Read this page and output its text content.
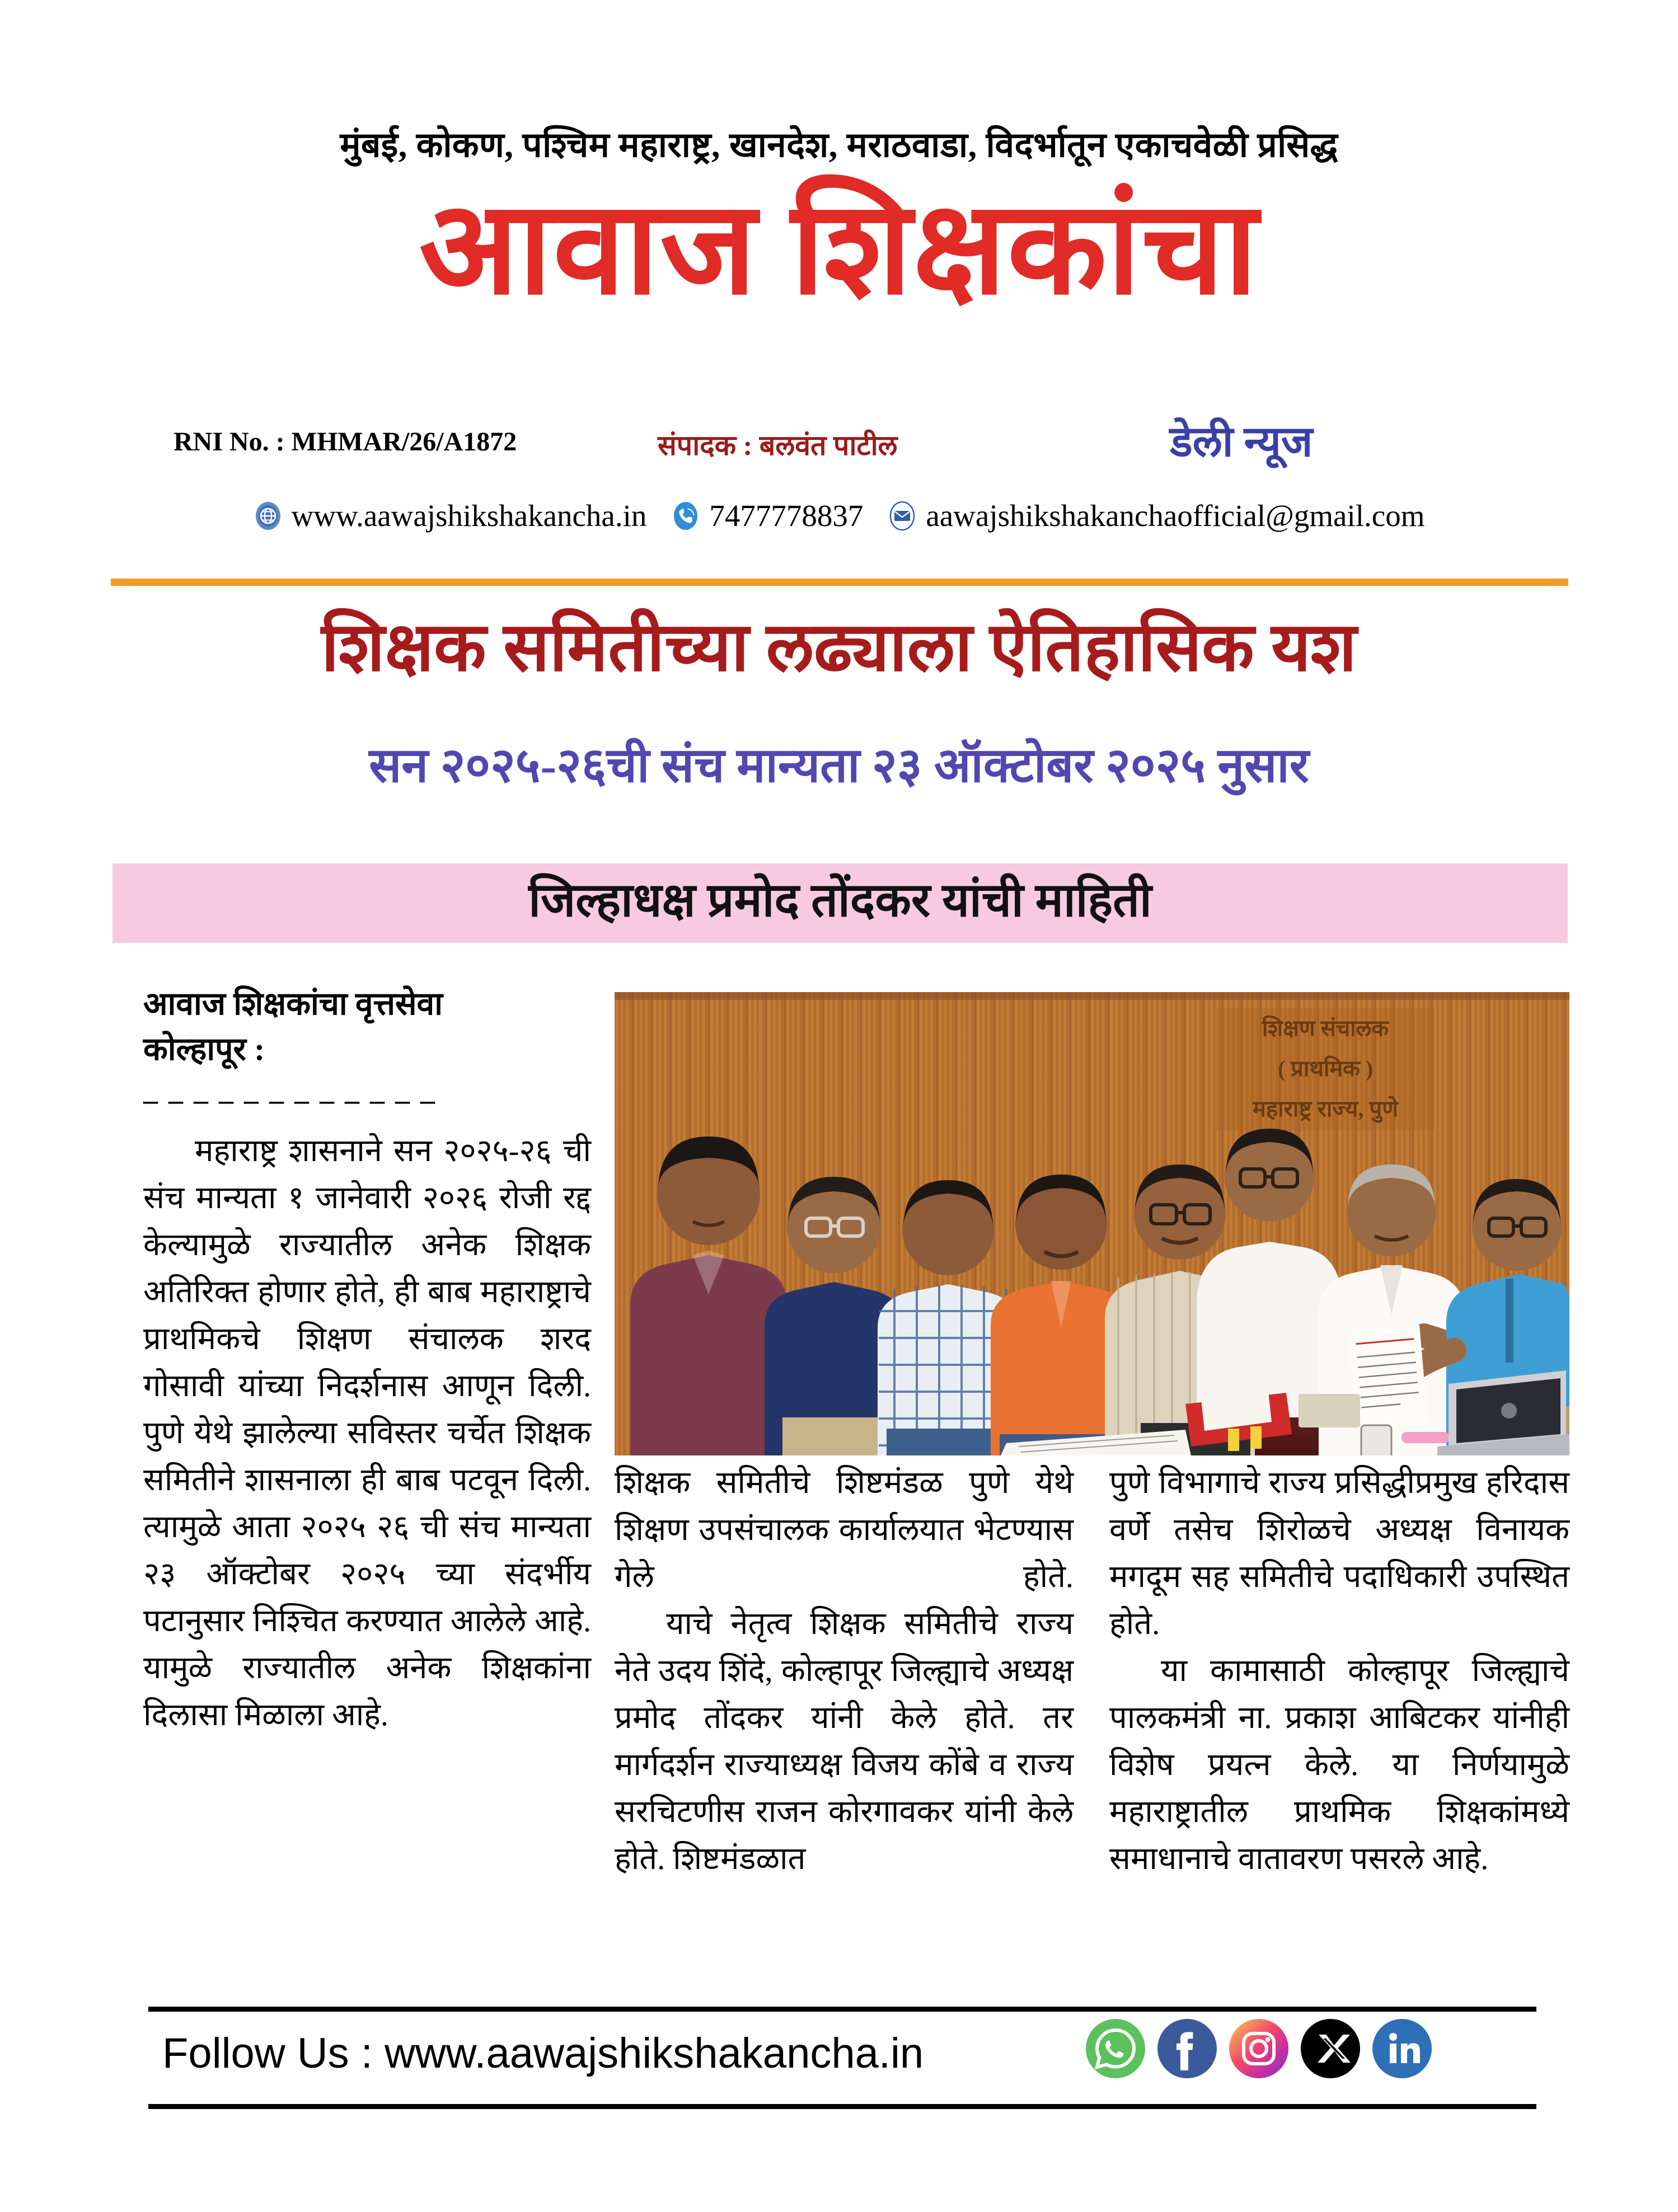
मुंबई, कोकण, पश्चिम महाराष्ट्र, खानदेश, मराठवाडा, विदर्भातून एकाचवेळी प्रसिद्ध
आवाज शिक्षकांचा
RNI No. : MHMAR/26/A1872	संपादक : बलवंत पाटील	डेली न्यूज
www.aawajshikshakancha.in 7477778837 aawajshikshakanchaofficial@gmail.com
शिक्षक समितीच्या लढ्याला ऐतिहासिक यश
सन २०२५-२६ची संच मान्यता २३ ऑक्टोबर २०२५ नुसार
जिल्हाधक्ष प्रमोद तोंदकर यांची माहिती
आवाज शिक्षकांचा वृत्तसेवा
कोल्हापूर :
– – – – – – – – – – – –

महाराष्ट्र शासनाने सन २०२५-२६ ची संच मान्यता १ जानेवारी २०२६ रोजी रद्द केल्यामुळे राज्यातील अनेक शिक्षक अतिरिक्त होणार होते, ही बाब महाराष्ट्राचे प्राथमिकचे शिक्षण संचालक शरद गोसावी यांच्या निदर्शनास आणून दिली. पुणे येथे झालेल्या सविस्तर चर्चेत शिक्षक समितीने शासनाला ही बाब पटवून दिली. त्यामुळे आता २०२५ २६ ची संच मान्यता २३ ऑक्टोबर २०२५ च्या संदर्भीय पटानुसार निश्चित करण्यात आलेले आहे. यामुळे राज्यातील अनेक शिक्षकांना दिलासा मिळाला आहे.

शिक्षण संचालक
( प्राथमिक )
महाराष्ट्र राज्य, पुणे

शिक्षक समितीचे शिष्टमंडळ पुणे येथे शिक्षण उपसंचालक कार्यालयात भेटण्यास गेले होते.

याचे नेतृत्व शिक्षक समितीचे राज्य नेते उदय शिंदे, कोल्हापूर जिल्ह्याचे अध्यक्ष प्रमोद तोंदकर यांनी केले होते. तर मार्गदर्शन राज्याध्यक्ष विजय कोंबे व राज्य सरचिटणीस राजन कोरगावकर यांनी केले होते. शिष्टमंडळात

पुणे विभागाचे राज्य प्रसिद्धीप्रमुख हरिदास वर्णे तसेच शिरोळचे अध्यक्ष विनायक मगदूम सह समितीचे पदाधिकारी उपस्थित होते.

या कामासाठी कोल्हापूर जिल्ह्याचे पालकमंत्री ना. प्रकाश आबिटकर यांनीही विशेष प्रयत्न केले. या निर्णयामुळे महाराष्ट्रातील प्राथमिक शिक्षकांमध्ये समाधानाचे वातावरण पसरले आहे.

Follow Us : www.aawajshikshakancha.in
